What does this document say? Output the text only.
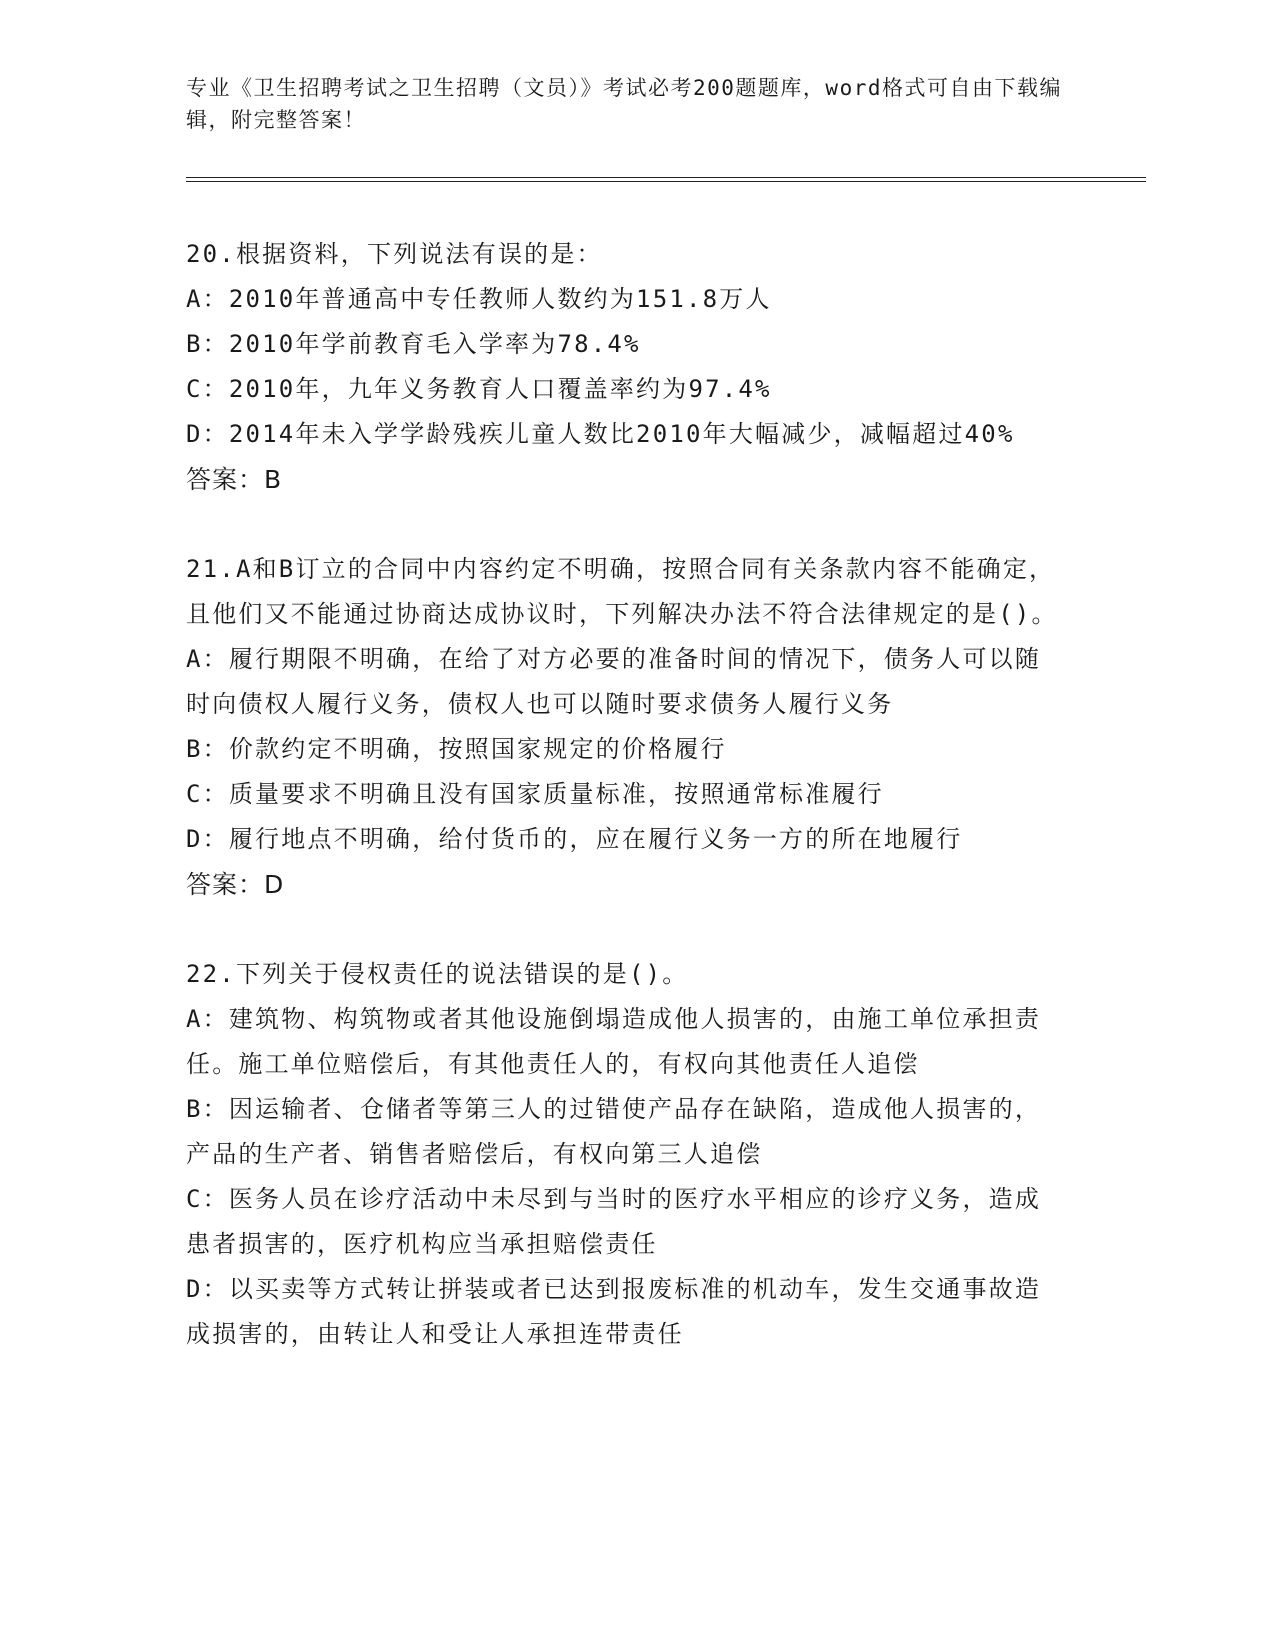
专业《卫生招聘考试之卫生招聘（文员）》考试必考200题题库，word格式可自由下载编辑，附完整答案！

20.根据资料，下列说法有误的是：

A：2010年普通高中专任教师人数约为151.8万人

B：2010年学前教育毛入学率为78.4%

C：2010年，九年义务教育人口覆盖率约为97.4%

D：2014年未入学学龄残疾儿童人数比2010年大幅减少，减幅超过40%

答案：B

21.A和B订立的合同中内容约定不明确，按照合同有关条款内容不能确定，且他们又不能通过协商达成协议时，下列解决办法不符合法律规定的是()。

A：履行期限不明确，在给了对方必要的准备时间的情况下，债务人可以随时向债权人履行义务，债权人也可以随时要求债务人履行义务

B：价款约定不明确，按照国家规定的价格履行

C：质量要求不明确且没有国家质量标准，按照通常标准履行

D：履行地点不明确，给付货币的，应在履行义务一方的所在地履行

答案：D

22.下列关于侵权责任的说法错误的是()。

A：建筑物、构筑物或者其他设施倒塌造成他人损害的，由施工单位承担责任。施工单位赔偿后，有其他责任人的，有权向其他责任人追偿

B：因运输者、仓储者等第三人的过错使产品存在缺陷，造成他人损害的，产品的生产者、销售者赔偿后，有权向第三人追偿

C：医务人员在诊疗活动中未尽到与当时的医疗水平相应的诊疗义务，造成患者损害的，医疗机构应当承担赔偿责任

D：以买卖等方式转让拼装或者已达到报废标准的机动车，发生交通事故造成损害的，由转让人和受让人承担连带责任
